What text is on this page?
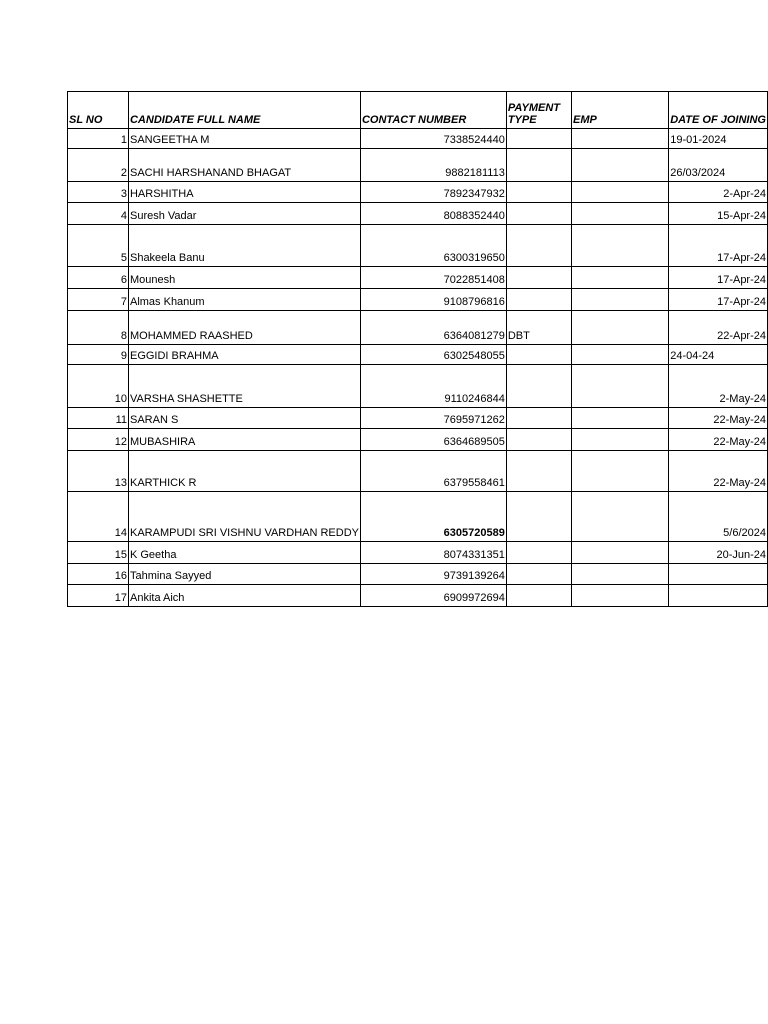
SL NO	CANDIDATE FULL NAME	CONTACT NUMBER	PAYMENT TYPE	EMP	DATE OF JOINING
1	SANGEETHA M	7338524440			19-01-2024
2	SACHI HARSHANAND BHAGAT	9882181113			26/03/2024
3	HARSHITHA	7892347932			2-Apr-24
4	Suresh Vadar	8088352440			15-Apr-24
5	Shakeela Banu	6300319650			17-Apr-24
6	Mounesh	7022851408			17-Apr-24
7	Almas Khanum	9108796816			17-Apr-24
8	MOHAMMED RAASHED	6364081279	DBT		22-Apr-24
9	EGGIDI BRAHMA	6302548055			24-04-24
10	VARSHA SHASHETTE	9110246844			2-May-24
11	SARAN S	7695971262			22-May-24
12	MUBASHIRA	6364689505			22-May-24
13	KARTHICK R	6379558461			22-May-24
14	KARAMPUDI SRI VISHNU VARDHAN REDDY	6305720589			5/6/2024
15	K Geetha	8074331351			20-Jun-24
16	Tahmina Sayyed	9739139264			
17	Ankita Aich	6909972694			
